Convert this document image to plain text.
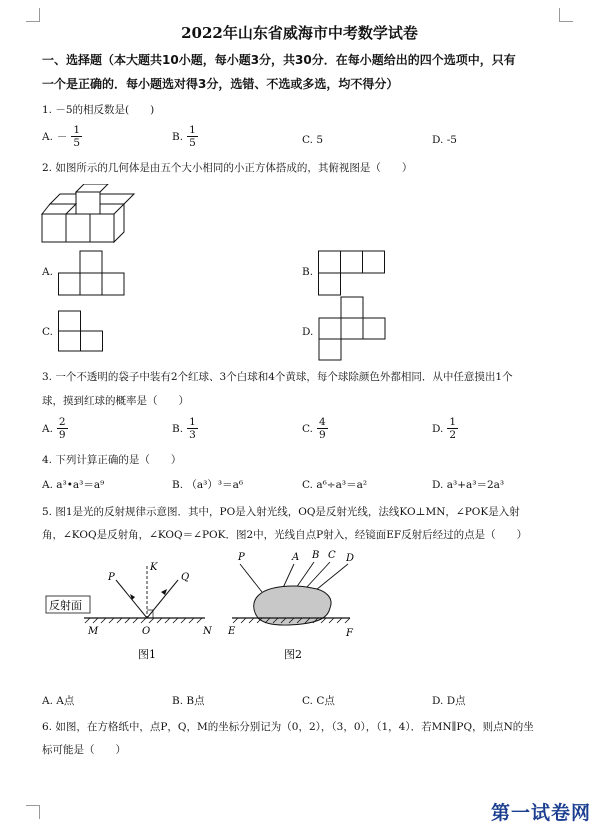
2022年山东省威海市中考数学试卷
一、选择题（本大题共10小题，每小题3分，共30分．在每小题给出的四个选项中，只有
一个是正确的．每小题选对得3分，选错、不选或多选，均不得分）
1. －5的相反数是(　　)
A. － $\frac{1}{5}$	B. $\frac{1}{5}$	C. 5	D. -5
2. 如图所示的几何体是由五个大小相同的小正方体搭成的，其俯视图是（　　）
A.	B.
C.	D.
3. 一个不透明的袋子中装有2个红球、3个白球和4个黄球，每个球除颜色外都相同．从中任意摸出1个
球，摸到红球的概率是（　　）
A. $\frac{2}{9}$	B. $\frac{1}{3}$	C. $\frac{4}{9}$	D. $\frac{1}{2}$
4. 下列计算正确的是（　　）
A. a³•a³＝a⁹	B. （a³）³＝a⁶	C. a⁶÷a³＝a²	D. a³+a³＝2a³
5. 图1是光的反射规律示意图．其中，PO是入射光线，OQ是反射光线，法线KO⊥MN，∠POK是入射
角，∠KOQ是反射角，∠KOQ＝∠POK．图2中，光线自点P射入，经镜面EF反射后经过的点是（　　）
反射面
P
K
Q
M	O	N
图1
P	A B C D
E	F
图2
A. A点	B. B点	C. C点	D. D点
6. 如图，在方格纸中，点P，Q，M的坐标分别记为（0，2），（3，0），（1，4）．若MN∥PQ，则点N的坐
标可能是（　　）
第一试卷网
